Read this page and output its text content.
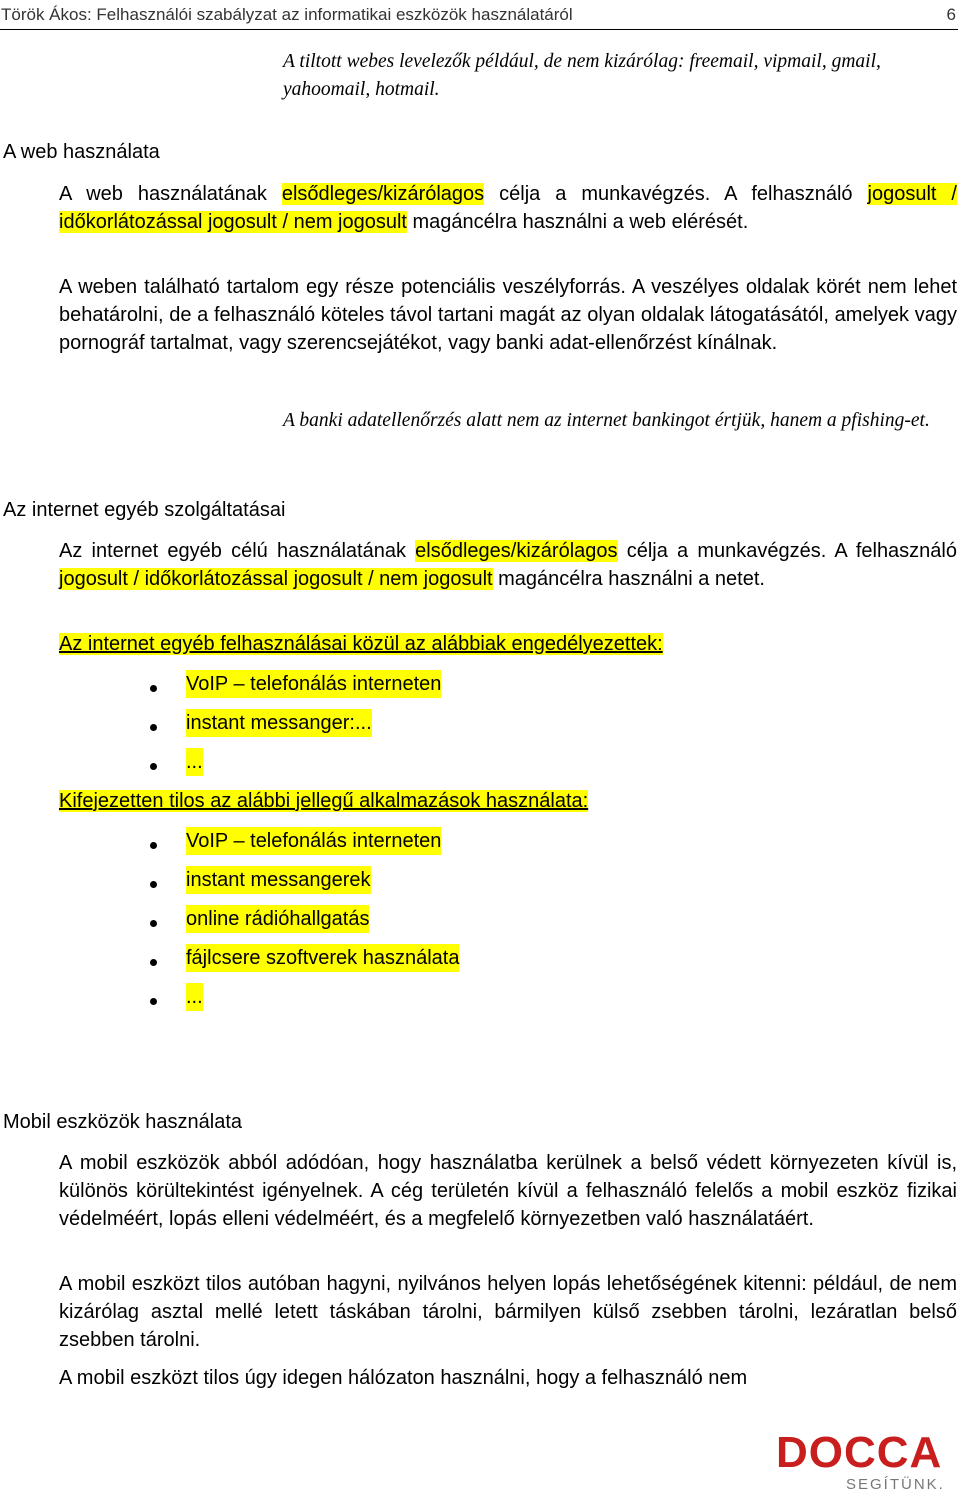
Török Ákos: Felhasználói szabályzat az informatikai eszközök használatáról	6
A tiltott webes levelezők például, de nem kizárólag: freemail, vipmail, gmail, yahoomail, hotmail.
A web használata
A web használatának elsődleges/kizárólagos célja a munkavégzés. A felhasználó jogosult / időkorlátozással jogosult / nem jogosult magáncélra használni a web elérését.
A weben található tartalom egy része potenciális veszélyforrás. A veszélyes oldalak körét nem lehet behatárolni, de a felhasználó köteles távol tartani magát az olyan oldalak látogatásától, amelyek vagy pornográf tartalmat, vagy szerencsejátékot, vagy banki adat-ellenőrzést kínálnak.
A banki adatellenőrzés alatt nem az internet bankingot értjük, hanem a pfishing-et.
Az internet egyéb szolgáltatásai
Az internet egyéb célú használatának elsődleges/kizárólagos célja a munkavégzés. A felhasználó jogosult / időkorlátozással jogosult / nem jogosult magáncélra használni a netet.
Az internet egyéb felhasználásai közül az alábbiak engedélyezettek:
VoIP – telefonálás interneten
instant messanger:...
...
Kifejezetten tilos az alábbi jellegű alkalmazások használata:
VoIP – telefonálás interneten
instant messangerek
online rádióhallgatás
fájlcsere szoftverek használata
...
Mobil eszközök használata
A mobil eszközök abból adódóan, hogy használatba kerülnek a belső védett környezeten kívül is, különös körültekintést igényelnek. A cég területén kívül a felhasználó felelős a mobil eszköz fizikai védelméért, lopás elleni védelméért, és a megfelelő környezetben való használatáért.
A mobil eszközt tilos autóban hagyni, nyilvános helyen lopás lehetőségének kitenni: például, de nem kizárólag asztal mellé letett táskában tárolni, bármilyen külső zsebben tárolni, lezáratlan belső zsebben tárolni.
A mobil eszközt tilos úgy idegen hálózaton használni, hogy a felhasználó nem
DOCCA
SEGÍTÜNK.
